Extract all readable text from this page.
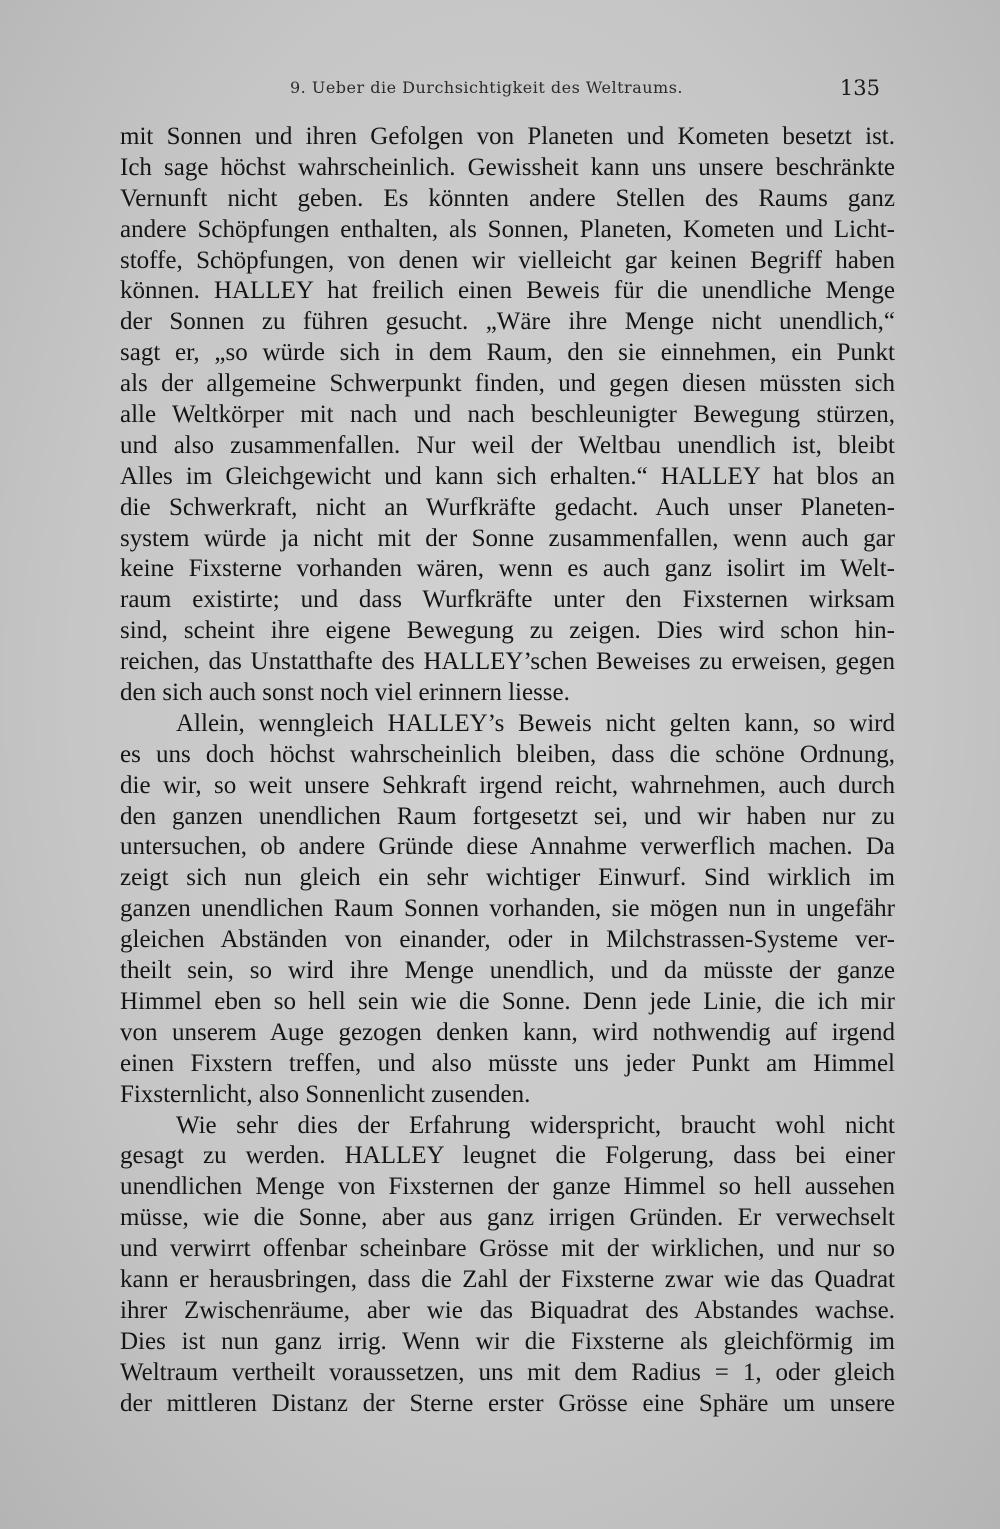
9. Ueber die Durchsichtigkeit des Weltraums.	135
mit Sonnen und ihren Gefolgen von Planeten und Kometen besetzt ist.
Ich sage höchst wahrscheinlich. Gewissheit kann uns unsere beschränkte
Vernunft nicht geben. Es könnten andere Stellen des Raums ganz
andere Schöpfungen enthalten, als Sonnen, Planeten, Kometen und Licht-
stoffe, Schöpfungen, von denen wir vielleicht gar keinen Begriff haben
können. HALLEY hat freilich einen Beweis für die unendliche Menge
der Sonnen zu führen gesucht. „Wäre ihre Menge nicht unendlich,“
sagt er, „so würde sich in dem Raum, den sie einnehmen, ein Punkt
als der allgemeine Schwerpunkt finden, und gegen diesen müssten sich
alle Weltkörper mit nach und nach beschleunigter Bewegung stürzen,
und also zusammenfallen. Nur weil der Weltbau unendlich ist, bleibt
Alles im Gleichgewicht und kann sich erhalten.“ HALLEY hat blos an
die Schwerkraft, nicht an Wurfkräfte gedacht. Auch unser Planeten-
system würde ja nicht mit der Sonne zusammenfallen, wenn auch gar
keine Fixsterne vorhanden wären, wenn es auch ganz isolirt im Welt-
raum existirte; und dass Wurfkräfte unter den Fixsternen wirksam
sind, scheint ihre eigene Bewegung zu zeigen. Dies wird schon hin-
reichen, das Unstatthafte des HALLEY’schen Beweises zu erweisen, gegen
den sich auch sonst noch viel erinnern liesse.
Allein, wenngleich HALLEY’s Beweis nicht gelten kann, so wird
es uns doch höchst wahrscheinlich bleiben, dass die schöne Ordnung,
die wir, so weit unsere Sehkraft irgend reicht, wahrnehmen, auch durch
den ganzen unendlichen Raum fortgesetzt sei, und wir haben nur zu
untersuchen, ob andere Gründe diese Annahme verwerflich machen. Da
zeigt sich nun gleich ein sehr wichtiger Einwurf. Sind wirklich im
ganzen unendlichen Raum Sonnen vorhanden, sie mögen nun in ungefähr
gleichen Abständen von einander, oder in Milchstrassen-Systeme ver-
theilt sein, so wird ihre Menge unendlich, und da müsste der ganze
Himmel eben so hell sein wie die Sonne. Denn jede Linie, die ich mir
von unserem Auge gezogen denken kann, wird nothwendig auf irgend
einen Fixstern treffen, und also müsste uns jeder Punkt am Himmel
Fixsternlicht, also Sonnenlicht zusenden.
Wie sehr dies der Erfahrung widerspricht, braucht wohl nicht
gesagt zu werden. HALLEY leugnet die Folgerung, dass bei einer
unendlichen Menge von Fixsternen der ganze Himmel so hell aussehen
müsse, wie die Sonne, aber aus ganz irrigen Gründen. Er verwechselt
und verwirrt offenbar scheinbare Grösse mit der wirklichen, und nur so
kann er herausbringen, dass die Zahl der Fixsterne zwar wie das Quadrat
ihrer Zwischenräume, aber wie das Biquadrat des Abstandes wachse.
Dies ist nun ganz irrig. Wenn wir die Fixsterne als gleichförmig im
Weltraum vertheilt voraussetzen, uns mit dem Radius = 1, oder gleich
der mittleren Distanz der Sterne erster Grösse eine Sphäre um unsere
